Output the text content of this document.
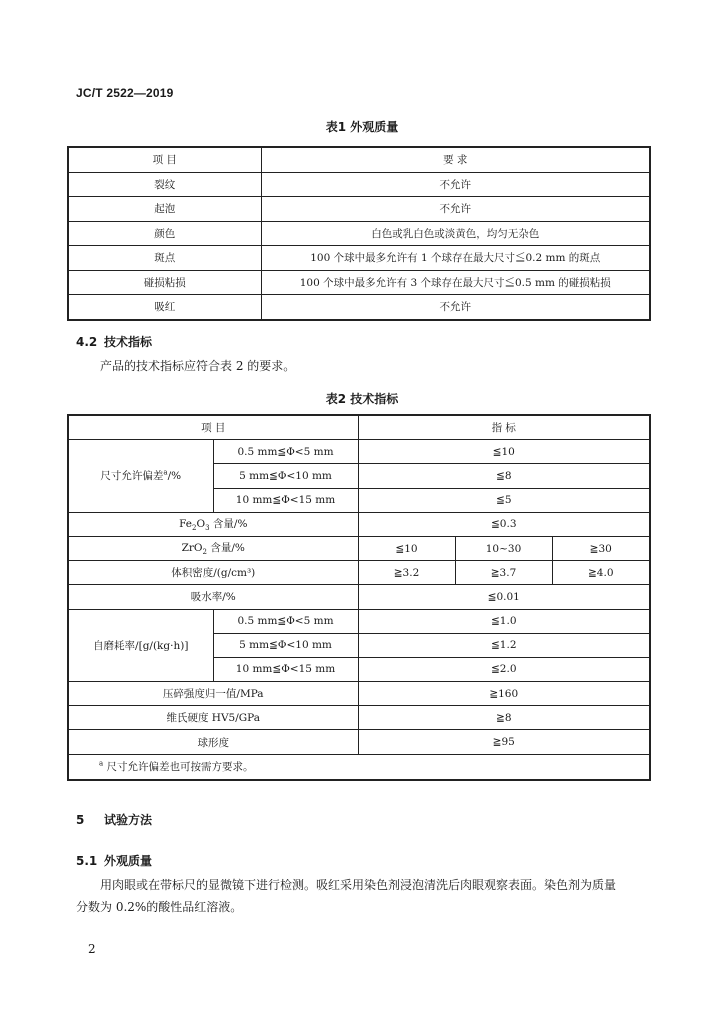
JC/T 2522—2019
表1 外观质量
项 目	要 求
裂纹	不允许
起泡	不允许
颜色	白色或乳白色或淡黄色，均匀无杂色
斑点	100 个球中最多允许有 1 个球存在最大尺寸≦0.2 mm 的斑点
碰损粘损	100 个球中最多允许有 3 个球存在最大尺寸≦0.5 mm 的碰损粘损
吸红	不允许
4.2 技术指标
产品的技术指标应符合表 2 的要求。
表2 技术指标
项 目		指 标		
尺寸允许偏差$^a$/%	0.5 mm≦Φ<5 mm	≦10		
	5 mm≦Φ<10 mm	≦8		
	10 mm≦Φ<15 mm	≦5		
$Fe_2O_3$ 含量/%		≦0.3		
ZrO$_2$ 含量/%		≦10	10~30	≧30
体积密度/(g/cm³)		≧3.2	≧3.7	≧4.0
吸水率/%		≦0.01		
自磨耗率/[g/(kg·h)]	0.5 mm≦Φ<5 mm	≦1.0		
	5 mm≦Φ<10 mm	≦1.2		
	10 mm≦Φ<15 mm	≦2.0		
压碎强度归一值/MPa		≧160		
维氏硬度 HV5/GPa		≧8		
球形度		≧95		
$^a$ 尺寸允许偏差也可按需方要求。				
5 试验方法
5.1 外观质量
用肉眼或在带标尺的显微镜下进行检测。吸红采用染色剂浸泡清洗后肉眼观察表面。染色剂为质量
分数为 0.2%的酸性品红溶液。
2
